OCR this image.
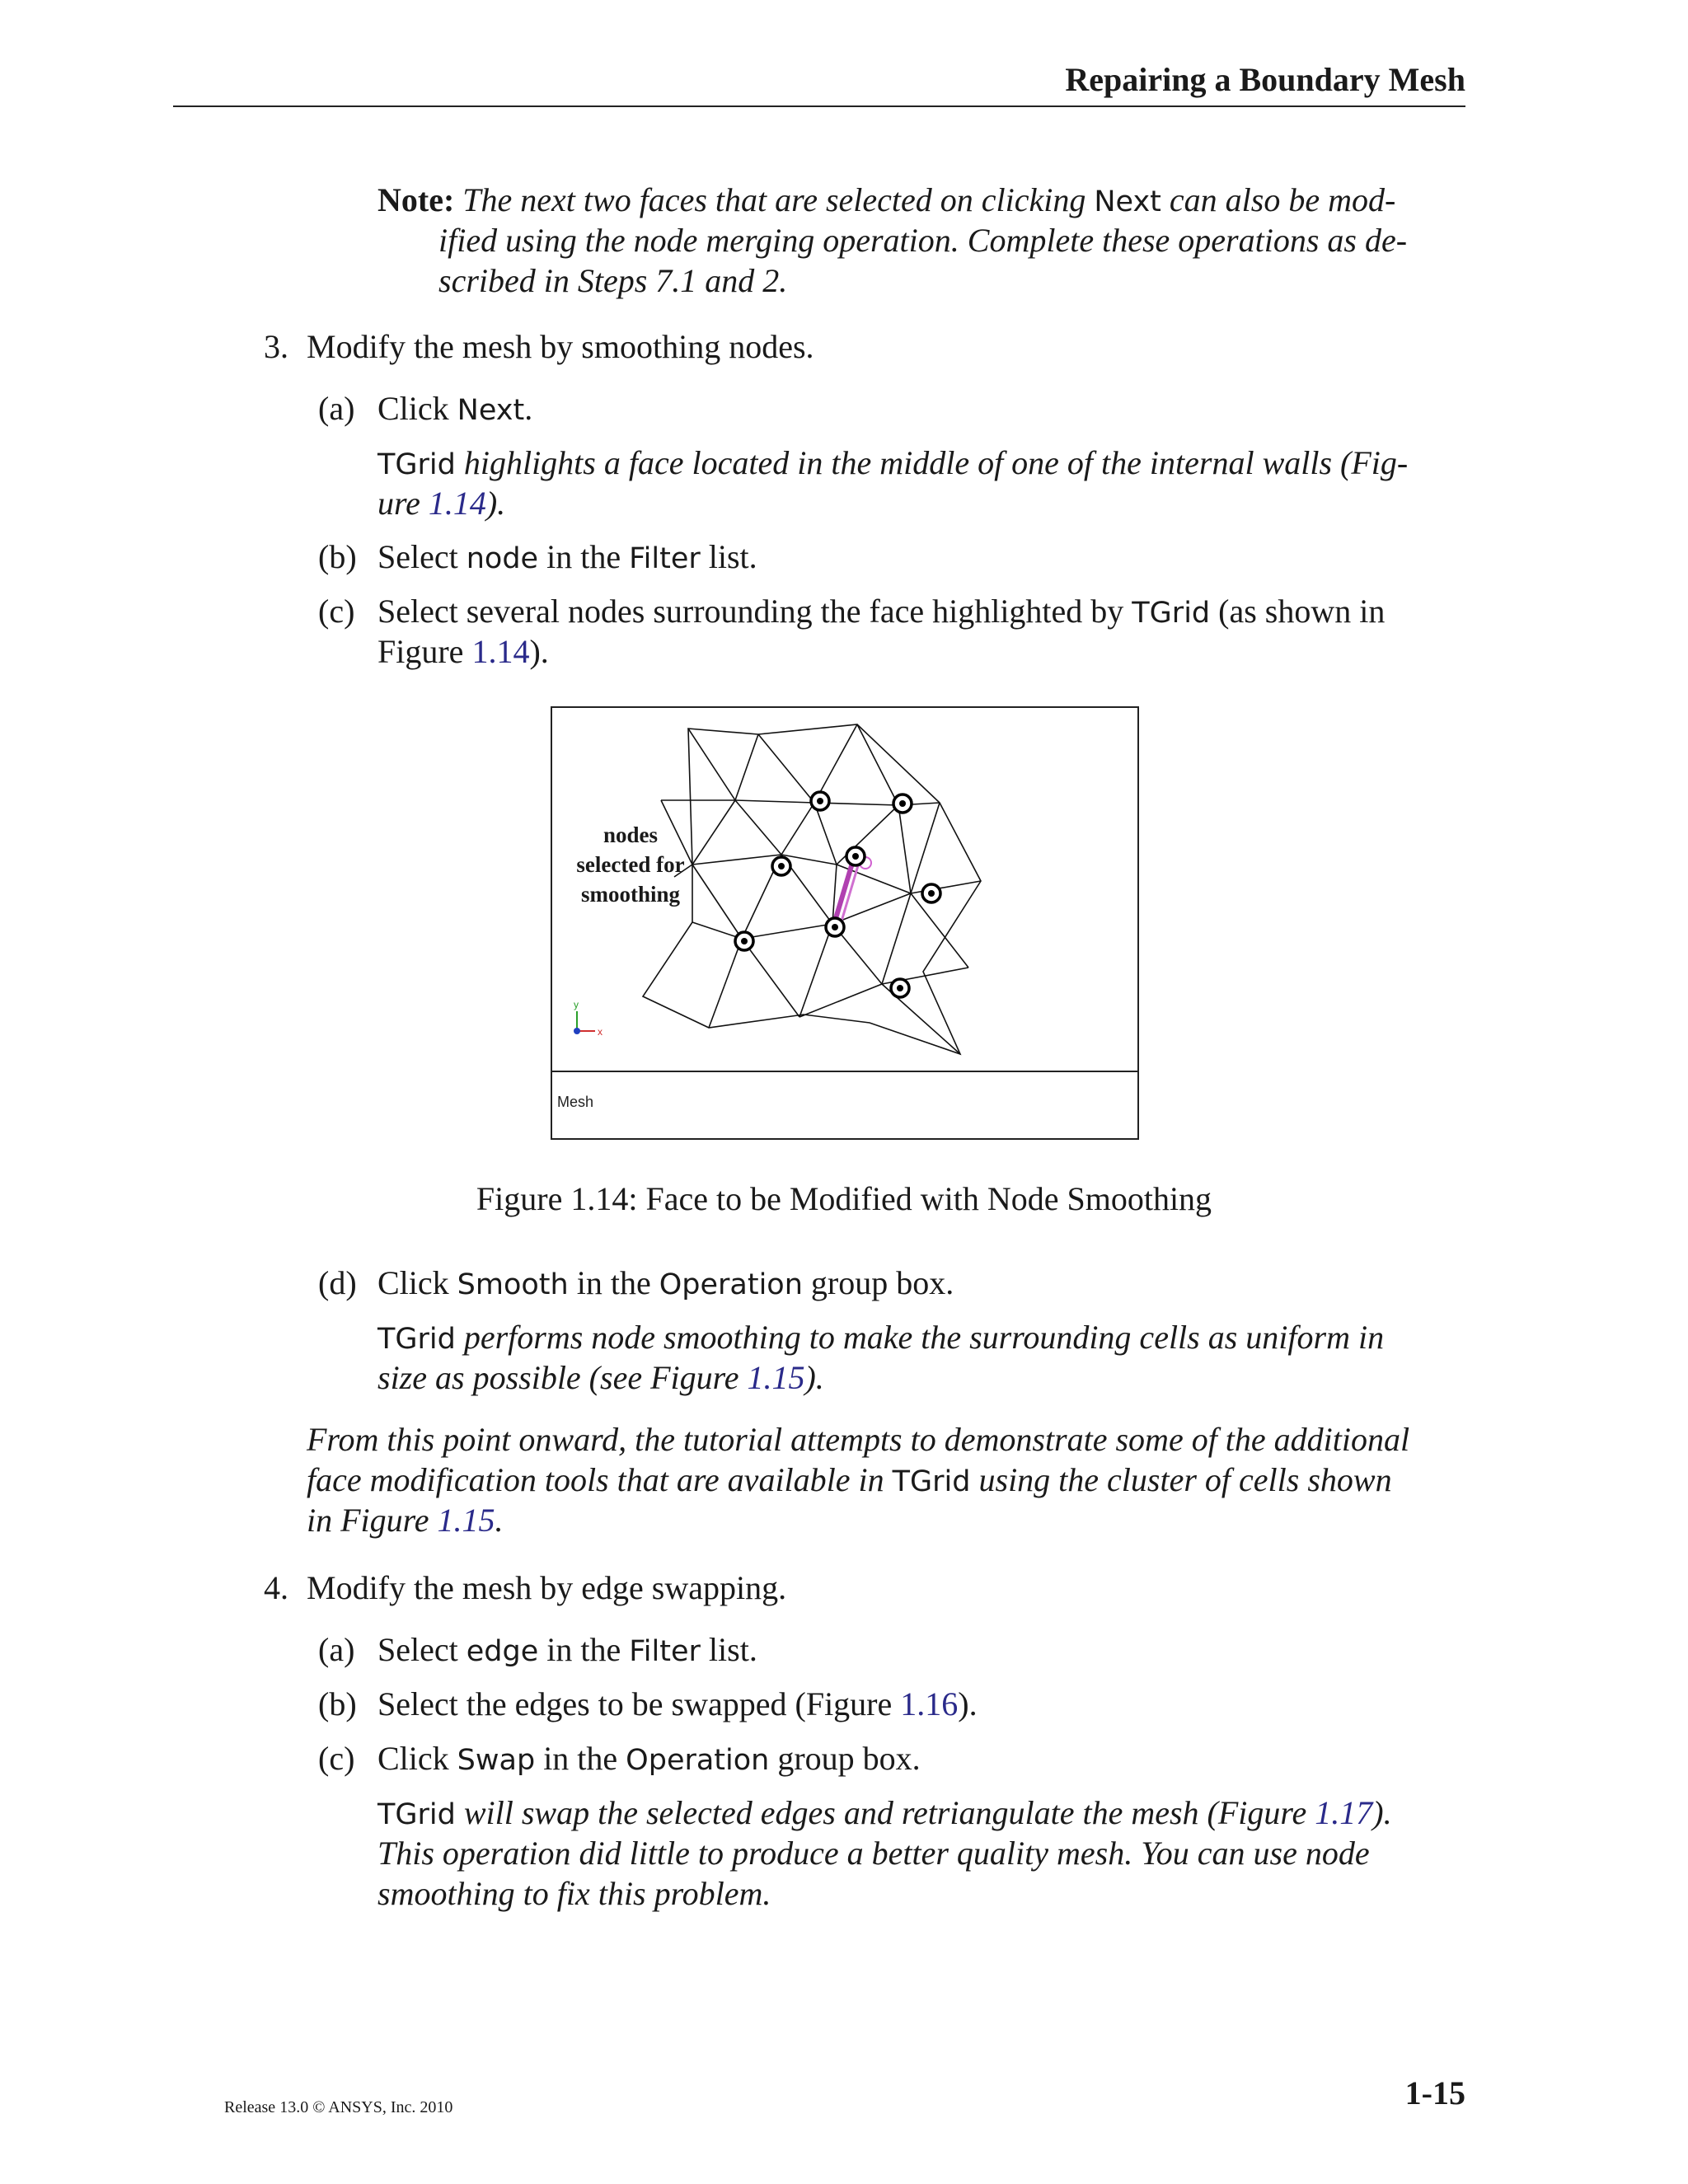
Repairing a Boundary Mesh
Note: The next two faces that are selected on clicking Next can also be mod-
ified using the node merging operation. Complete these operations as de-
scribed in Steps 7.1 and 2.
3. Modify the mesh by smoothing nodes.
(a) Click Next.
TGrid highlights a face located in the middle of one of the internal walls (Fig-
ure 1.14).
(b) Select node in the Filter list.
(c) Select several nodes surrounding the face highlighted by TGrid (as shown in
Figure 1.14).
y
x
nodes
selected for
smoothing
Mesh
Figure 1.14: Face to be Modified with Node Smoothing
(d) Click Smooth in the Operation group box.
TGrid performs node smoothing to make the surrounding cells as uniform in
size as possible (see Figure 1.15).
From this point onward, the tutorial attempts to demonstrate some of the additional
face modification tools that are available in TGrid using the cluster of cells shown
in Figure 1.15.
4. Modify the mesh by edge swapping.
(a) Select edge in the Filter list.
(b) Select the edges to be swapped (Figure 1.16).
(c) Click Swap in the Operation group box.
TGrid will swap the selected edges and retriangulate the mesh (Figure 1.17).
This operation did little to produce a better quality mesh. You can use node
smoothing to fix this problem.
Release 13.0 © ANSYS, Inc. 2010	1-15
